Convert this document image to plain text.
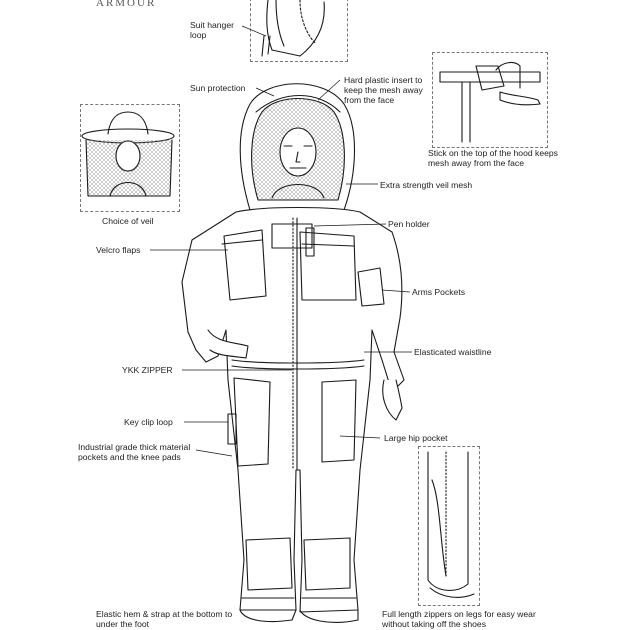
ARMOUR
Suit hanger loop
Sun protection
Hard plastic insert to keep the mesh away from the face
Stick on the top of the hood keeps mesh away from the face
Extra strength veil mesh
Choice of veil	Pen holder
Velcro flaps
Arms Pockets
Elasticated waistline
YKK ZIPPER
Key clip loop
Industrial grade thick material pockets and the knee pads
Large hip pocket
Elastic hem & strap at the bottom to under the foot
Full length zippers on legs for easy wear without taking off the shoes
